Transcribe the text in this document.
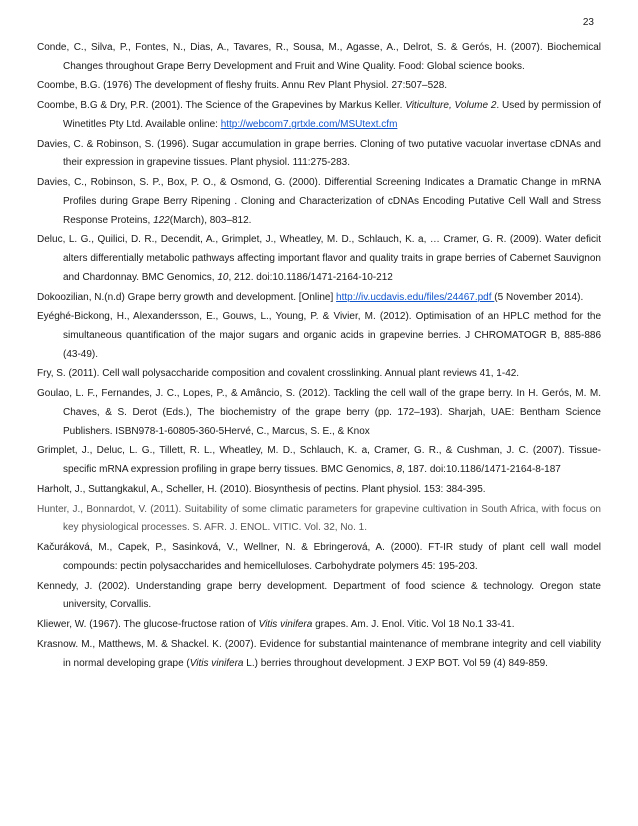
23

Conde, C., Silva, P., Fontes, N., Dias, A., Tavares, R., Sousa, M., Agasse, A., Delrot, S. & Gerós, H. (2007). Biochemical Changes throughout Grape Berry Development and Fruit and Wine Quality. Food: Global science books.

Coombe, B.G. (1976) The development of fleshy fruits. Annu Rev Plant Physiol. 27:507–528.

Coombe, B.G & Dry, P.R. (2001). The Science of the Grapevines by Markus Keller. Viticulture, Volume 2. Used by permission of Winetitles Pty Ltd. Available online: http://webcom7.grtxle.com/MSUtext.cfm

Davies, C. & Robinson, S. (1996). Sugar accumulation in grape berries. Cloning of two putative vacuolar invertase cDNAs and their expression in grapevine tissues. Plant physiol. 111:275-283.

Davies, C., Robinson, S. P., Box, P. O., & Osmond, G. (2000). Differential Screening Indicates a Dramatic Change in mRNA Profiles during Grape Berry Ripening . Cloning and Characterization of cDNAs Encoding Putative Cell Wall and Stress Response Proteins, 122(March), 803–812.

Deluc, L. G., Quilici, D. R., Decendit, A., Grimplet, J., Wheatley, M. D., Schlauch, K. a, … Cramer, G. R. (2009). Water deficit alters differentially metabolic pathways affecting important flavor and quality traits in grape berries of Cabernet Sauvignon and Chardonnay. BMC Genomics, 10, 212. doi:10.1186/1471-2164-10-212

Dokoozilian, N.(n.d) Grape berry growth and development. [Online] http://iv.ucdavis.edu/files/24467.pdf (5 November 2014).

Eyéghé-Bickong, H., Alexandersson, E., Gouws, L., Young, P. & Vivier, M. (2012). Optimisation of an HPLC method for the simultaneous quantification of the major sugars and organic acids in grapevine berries. J CHROMATOGR B, 885-886 (43-49).

Fry, S. (2011). Cell wall polysaccharide composition and covalent crosslinking. Annual plant reviews 41, 1-42.

Goulao, L. F., Fernandes, J. C., Lopes, P., & Amâncio, S. (2012). Tackling the cell wall of the grape berry. In H. Gerós, M. M. Chaves, & S. Derot (Eds.), The biochemistry of the grape berry (pp. 172–193). Sharjah, UAE: Bentham Science Publishers. ISBN978-1-60805-360-5Hervé, C., Marcus, S. E., & Knox

Grimplet, J., Deluc, L. G., Tillett, R. L., Wheatley, M. D., Schlauch, K. a, Cramer, G. R., & Cushman, J. C. (2007). Tissue-specific mRNA expression profiling in grape berry tissues. BMC Genomics, 8, 187. doi:10.1186/1471-2164-8-187

Harholt, J., Suttangkakul, A., Scheller, H. (2010). Biosynthesis of pectins. Plant physiol. 153: 384-395.

Hunter, J., Bonnardot, V. (2011). Suitability of some climatic parameters for grapevine cultivation in South Africa, with focus on key physiological processes. S. AFR. J. ENOL. VITIC. Vol. 32, No. 1.

Kačuráková, M., Capek, P., Sasinková, V., Wellner, N. & Ebringerová, A. (2000). FT-IR study of plant cell wall model compounds: pectin polysaccharides and hemicelluloses. Carbohydrate polymers 45: 195-203.

Kennedy, J. (2002). Understanding grape berry development. Department of food science & technology. Oregon state university, Corvallis.

Kliewer, W. (1967). The glucose-fructose ration of Vitis vinifera grapes. Am. J. Enol. Vitic. Vol 18 No.1 33-41.

Krasnow. M., Matthews, M. & Shackel. K. (2007). Evidence for substantial maintenance of membrane integrity and cell viability in normal developing grape (Vitis vinifera L.) berries throughout development. J EXP BOT. Vol 59 (4) 849-859.
